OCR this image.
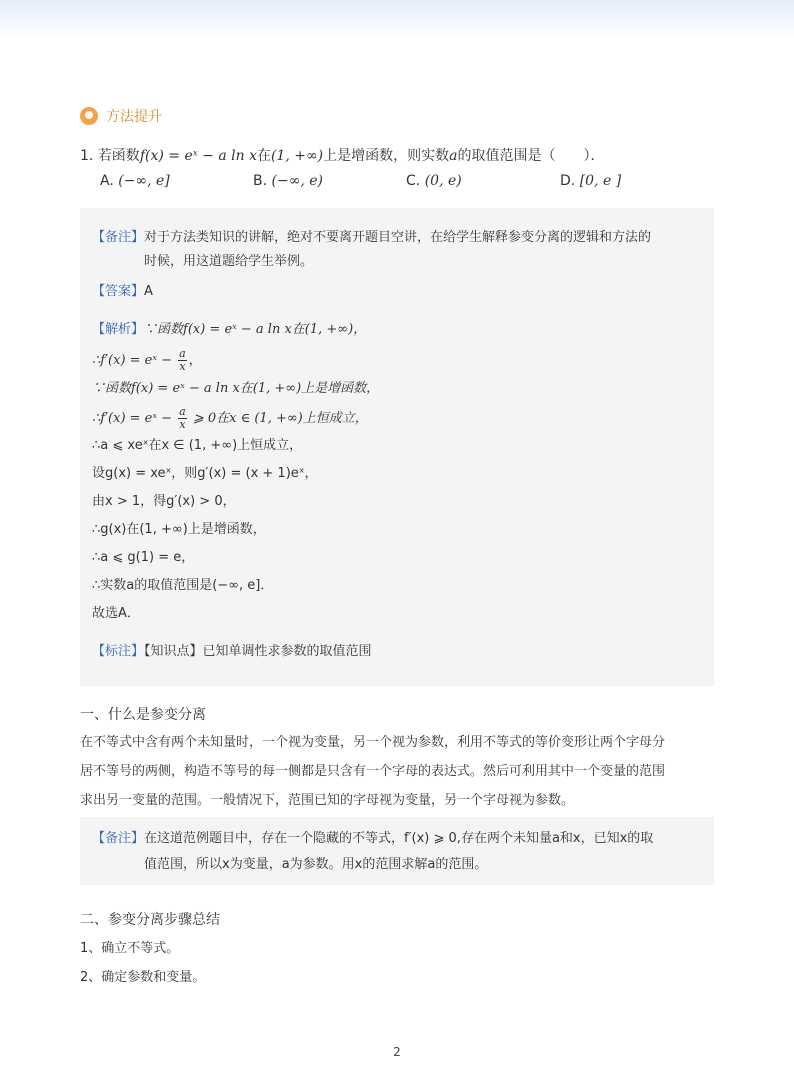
方法提升
1. 若函数f(x) = eˣ − a ln x在(1, +∞)上是增函数，则实数a的取值范围是（　　）．
A. (−∞, e]	B. (−∞, e)	C. (0, e)	D. [0, e ]
【备注】对于方法类知识的讲解，绝对不要离开题目空讲，在给学生解释参变分离的逻辑和方法的
时候，用这道题给学生举例。
【答案】A
【解析】∵函数f(x) = eˣ − a ln x在(1, +∞)，
∴f′(x) = eˣ − $\frac{a}{x}$ ，
∵函数f(x) = eˣ − a ln x在(1, +∞)上是增函数，
∴f′(x) = eˣ − $\frac{a}{x}$ ⩾ 0在x ∈ (1, +∞)上恒成立，
∴a ⩽ xeˣ在x ∈ (1, +∞)上恒成立，
设g(x) = xeˣ，则g′(x) = (x + 1)eˣ，
由x > 1，得g′(x) > 0，
∴g(x)在(1, +∞)上是增函数，
∴a ⩽ g(1) = e，
∴实数a的取值范围是(−∞, e]．
故选A．
【标注】【知识点】已知单调性求参数的取值范围
一、什么是参变分离
在不等式中含有两个未知量时，一个视为变量，另一个视为参数，利用不等式的等价变形让两个字母分
居不等号的两侧，构造不等号的每一侧都是只含有一个字母的表达式。然后可利用其中一个变量的范围
求出另一变量的范围。一般情况下，范围已知的字母视为变量，另一个字母视为参数。
【备注】在这道范例题目中，存在一个隐藏的不等式，f′(x) ⩾ 0,存在两个未知量a和x，已知x的取
值范围，所以x为变量，a为参数。用x的范围求解a的范围。
二、参变分离步骤总结
1、确立不等式。
2、确定参数和变量。
2
